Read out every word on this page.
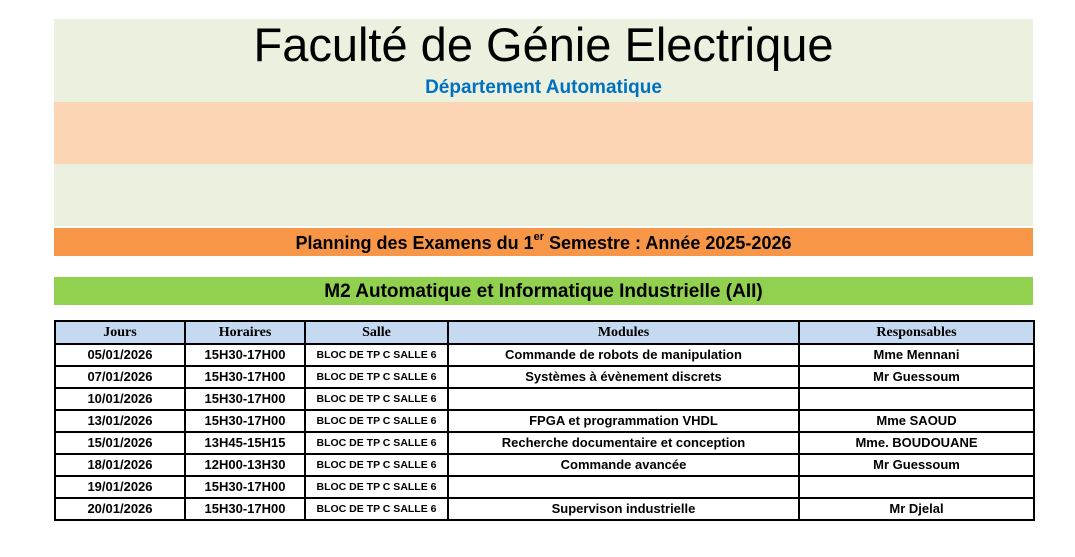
Faculté de Génie Electrique
Département Automatique
Planning des Examens du 1er Semestre : Année 2025-2026
M2 Automatique et Informatique Industrielle (AII)
Jours	Horaires	Salle	Modules	Responsables
05/01/2026	15H30-17H00	BLOC DE TP C SALLE 6	Commande de robots de manipulation	Mme Mennani
07/01/2026	15H30-17H00	BLOC DE TP C SALLE 6	Systèmes à évènement discrets	Mr Guessoum
10/01/2026	15H30-17H00	BLOC DE TP C SALLE 6		
13/01/2026	15H30-17H00	BLOC DE TP C SALLE 6	FPGA et programmation VHDL	Mme SAOUD
15/01/2026	13H45-15H15	BLOC DE TP C SALLE 6	Recherche documentaire et conception	Mme. BOUDOUANE
18/01/2026	12H00-13H30	BLOC DE TP C SALLE 6	Commande avancée	Mr Guessoum
19/01/2026	15H30-17H00	BLOC DE TP C SALLE 6		
20/01/2026	15H30-17H00	BLOC DE TP C SALLE 6	Supervison industrielle	Mr Djelal
